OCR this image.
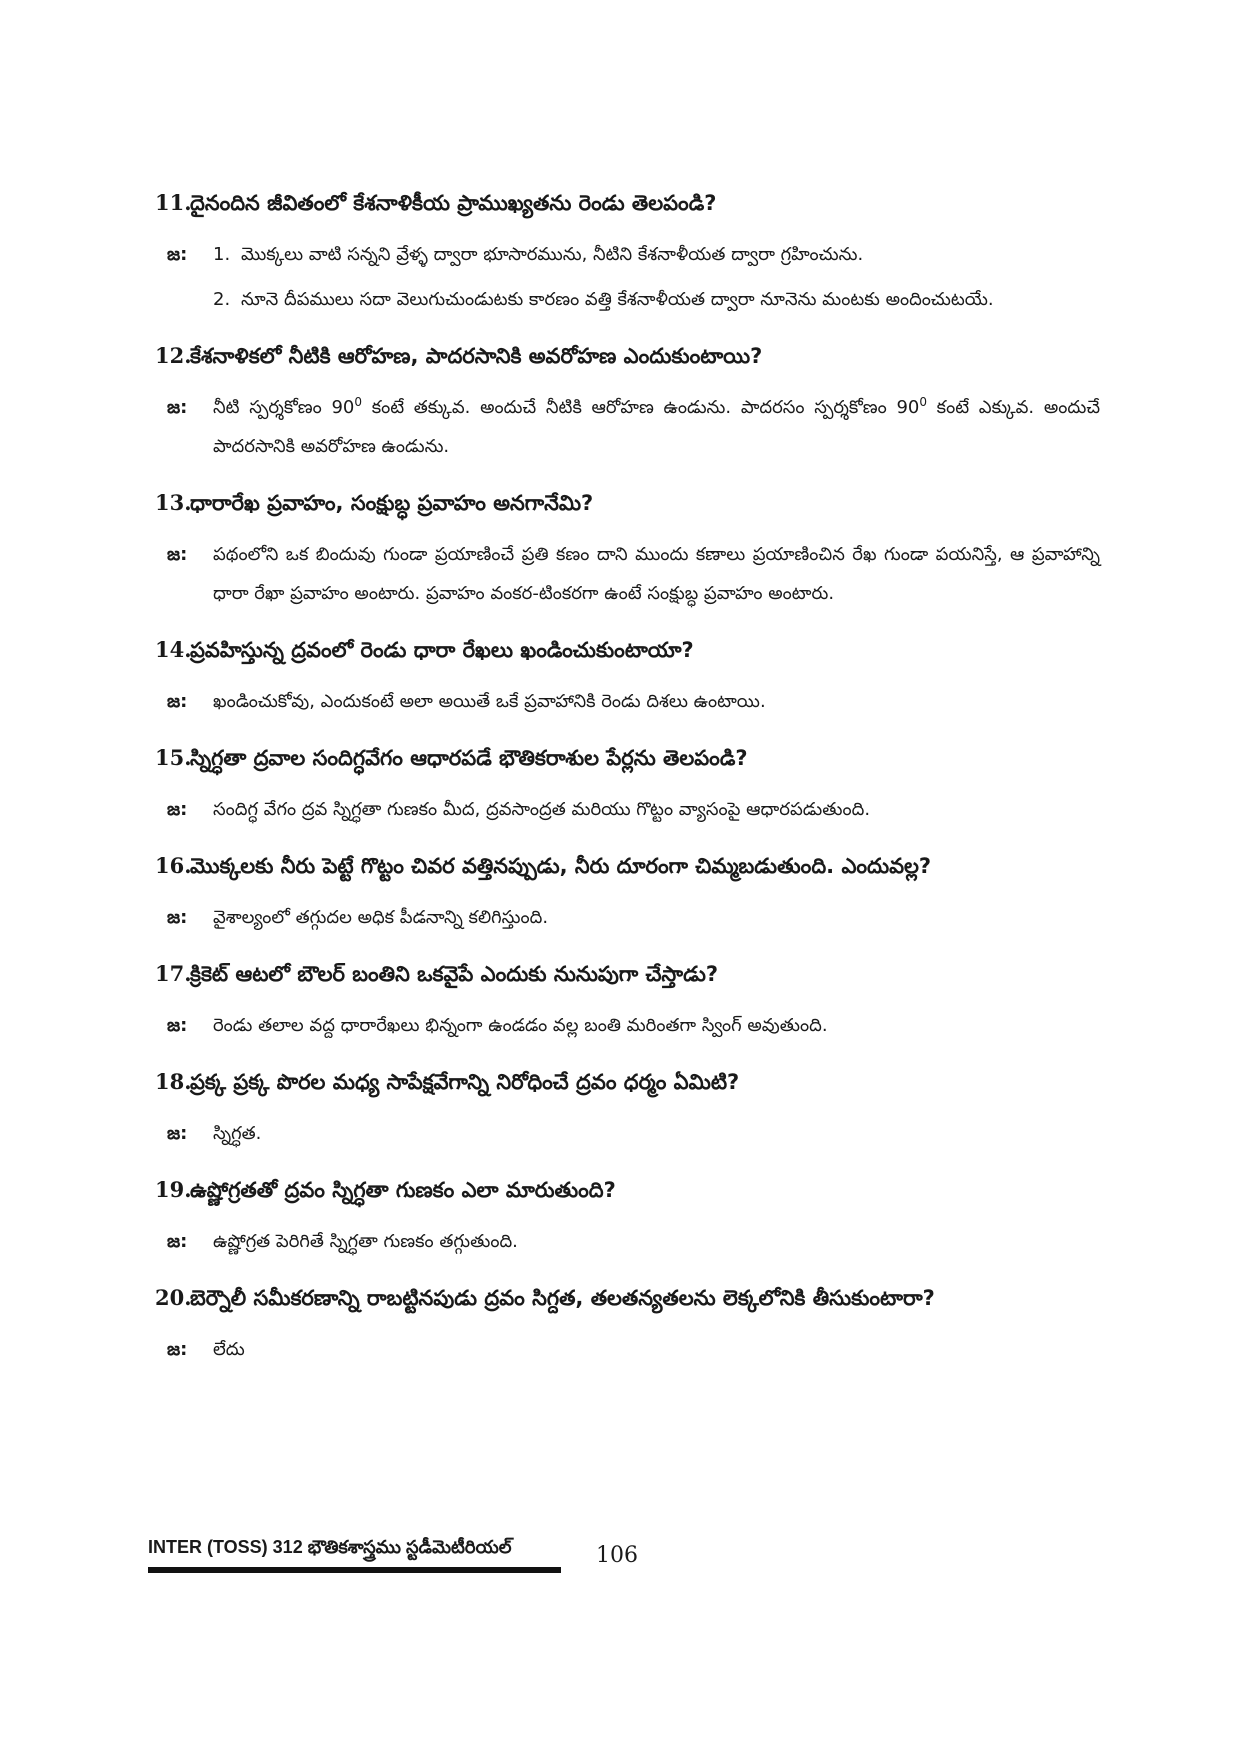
11.
దైనందిన జీవితంలో కేశనాళికీయ ప్రాముఖ్యతను రెండు తెలపండి?
జ: 1. మొక్కలు వాటి సన్నని వ్రేళ్ళ ద్వారా భూసారమును, నీటిని కేశనాళీయత ద్వారా గ్రహించును.
2. నూనె దీపములు సదా వెలుగుచుండుటకు కారణం వత్తి కేశనాళీయత ద్వారా నూనెను మంటకు అందించుటయే.
12.
కేశనాళికలో నీటికి ఆరోహణ, పాదరసానికి అవరోహణ ఎందుకుంటాయి?
జ: నీటి స్పర్శకోణం $90^0$ కంటే తక్కువ. అందుచే నీటికి ఆరోహణ ఉండును. పాదరసం స్పర్శకోణం $90^0$ కంటే ఎక్కువ. అందుచే పాదరసానికి అవరోహణ ఉండును.
13.
ధారారేఖ ప్రవాహం, సంక్షుబ్ధ ప్రవాహం అనగానేమి?
జ: పథంలోని ఒక బిందువు గుండా ప్రయాణించే ప్రతి కణం దాని ముందు కణాలు ప్రయాణించిన రేఖ గుండా పయనిస్తే, ఆ ప్రవాహాన్ని ధారా రేఖా ప్రవాహం అంటారు. ప్రవాహం వంకర-టింకరగా ఉంటే సంక్షుబ్ధ ప్రవాహం అంటారు.
14.
ప్రవహిస్తున్న ద్రవంలో రెండు ధారా రేఖలు ఖండించుకుంటాయా?
జ: ఖండించుకోవు, ఎందుకంటే అలా అయితే ఒకే ప్రవాహానికి రెండు దిశలు ఉంటాయి.
15.
స్నిగ్ధతా ద్రవాల సందిగ్ధవేగం ఆధారపడే భౌతికరాశుల పేర్లను తెలపండి?
జ: సందిగ్ధ వేగం ద్రవ స్నిగ్ధతా గుణకం మీద, ద్రవసాంద్రత మరియు గొట్టం వ్యాసంపై ఆధారపడుతుంది.
16.
మొక్కలకు నీరు పెట్టే గొట్టం చివర వత్తినప్పుడు, నీరు దూరంగా చిమ్మబడుతుంది. ఎందువల్ల?
జ: వైశాల్యంలో తగ్గుదల అధిక పీడనాన్ని కలిగిస్తుంది.
17.
క్రికెట్ ఆటలో బౌలర్ బంతిని ఒకవైపే ఎందుకు నునుపుగా చేస్తాడు?
జ: రెండు తలాల వద్ద ధారారేఖలు భిన్నంగా ఉండడం వల్ల బంతి మరింతగా స్వింగ్ అవుతుంది.
18.
ప్రక్క ప్రక్క పొరల మధ్య సాపేక్షవేగాన్ని నిరోధించే ద్రవం ధర్మం ఏమిటి?
జ: స్నిగ్ధత.
19.
ఉష్ణోగ్రతతో ద్రవం స్నిగ్ధతా గుణకం ఎలా మారుతుంది?
జ: ఉష్ణోగ్రత పెరిగితే స్నిగ్ధతా గుణకం తగ్గుతుంది.
20.
బెర్నౌలీ సమీకరణాన్ని రాబట్టినపుడు ద్రవం సిగ్దత, తలతన్యతలను లెక్కలోనికి తీసుకుంటారా?
జ: లేదు
INTER (TOSS) 312 భౌతికశాస్త్రము స్టడీమెటీరియల్	106
